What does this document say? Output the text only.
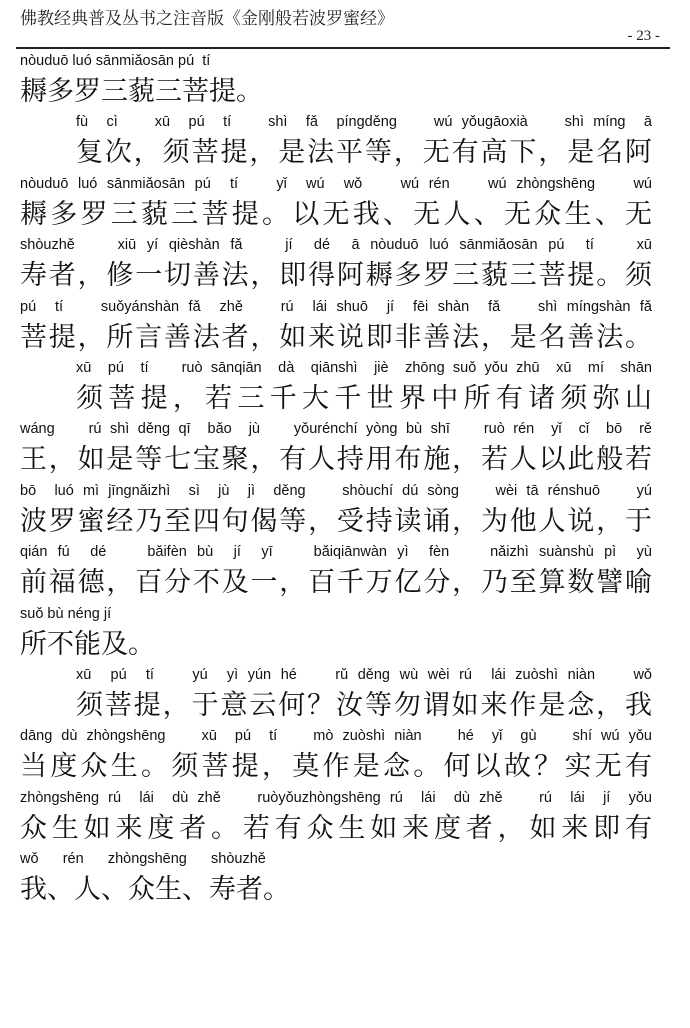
佛教经典普及丛书之注音版《金刚般若波罗蜜经》
- 23 -
nòuduō luó sānmiǎosān pú  tí
耨多罗三藐三菩提。
fù  cì    xū  pú  tí    shì  fǎ  píngděng    wú yǒugāoxià    shì míng  ā
复次，须菩提，是法平等，无有高下，是名阿
nòuduō luó sānmiǎosān pú  tí    yǐ  wú  wǒ    wú rén    wú zhòngshēng    wú
耨多罗三藐三菩提。以无我、无人、无众生、无
shòuzhě    xiū yí qièshàn fǎ    jí  dé  ā nòuduō luó sānmiǎosān pú  tí    xū
寿者，修一切善法，即得阿耨多罗三藐三菩提。须
pú  tí    suǒyánshàn fǎ  zhě    rú  lái shuō  jí  fēi shàn  fǎ    shì míngshàn fǎ
菩提，所言善法者，如来说即非善法，是名善法。
xū  pú  tí    ruò sānqiān  dà  qiānshì  jiè  zhōng suǒ yǒu zhū  xū  mí  shān
须菩提，若三千大千世界中所有诸须弥山
wáng    rú shì děng qī  bǎo  jù    yǒurénchí yòng bù shī    ruò rén  yǐ  cǐ  bō  rě
王，如是等七宝聚，有人持用布施，若人以此般若
bō  luó mì jīngnǎizhì  sì  jù  jì  děng    shòuchí dú sòng    wèi tā rénshuō    yú
波罗蜜经乃至四句偈等，受持读诵，为他人说，于
qián fú  dé    bǎifèn bù  jí  yī    bǎiqiānwàn yì  fèn    nǎizhì suànshù pì  yù
前福德，百分不及一，百千万亿分，乃至算数譬喻
suǒ bù néng jí
所不能及。
xū  pú  tí    yú  yì yún hé    rǔ děng wù wèi rú  lái zuòshì niàn    wǒ
须菩提，于意云何？汝等勿谓如来作是念，我
dāng dù zhòngshēng    xū  pú  tí    mò zuòshì niàn    hé  yǐ  gù    shí wú yǒu
当度众生。须菩提，莫作是念。何以故？实无有
zhòngshēng rú  lái  dù zhě    ruòyǒuzhòngshēng rú  lái  dù zhě    rú  lái  jí  yǒu
众生如来度者。若有众生如来度者，如来即有
wǒ      rén      zhòngshēng      shòuzhě
我、人、众生、寿者。
